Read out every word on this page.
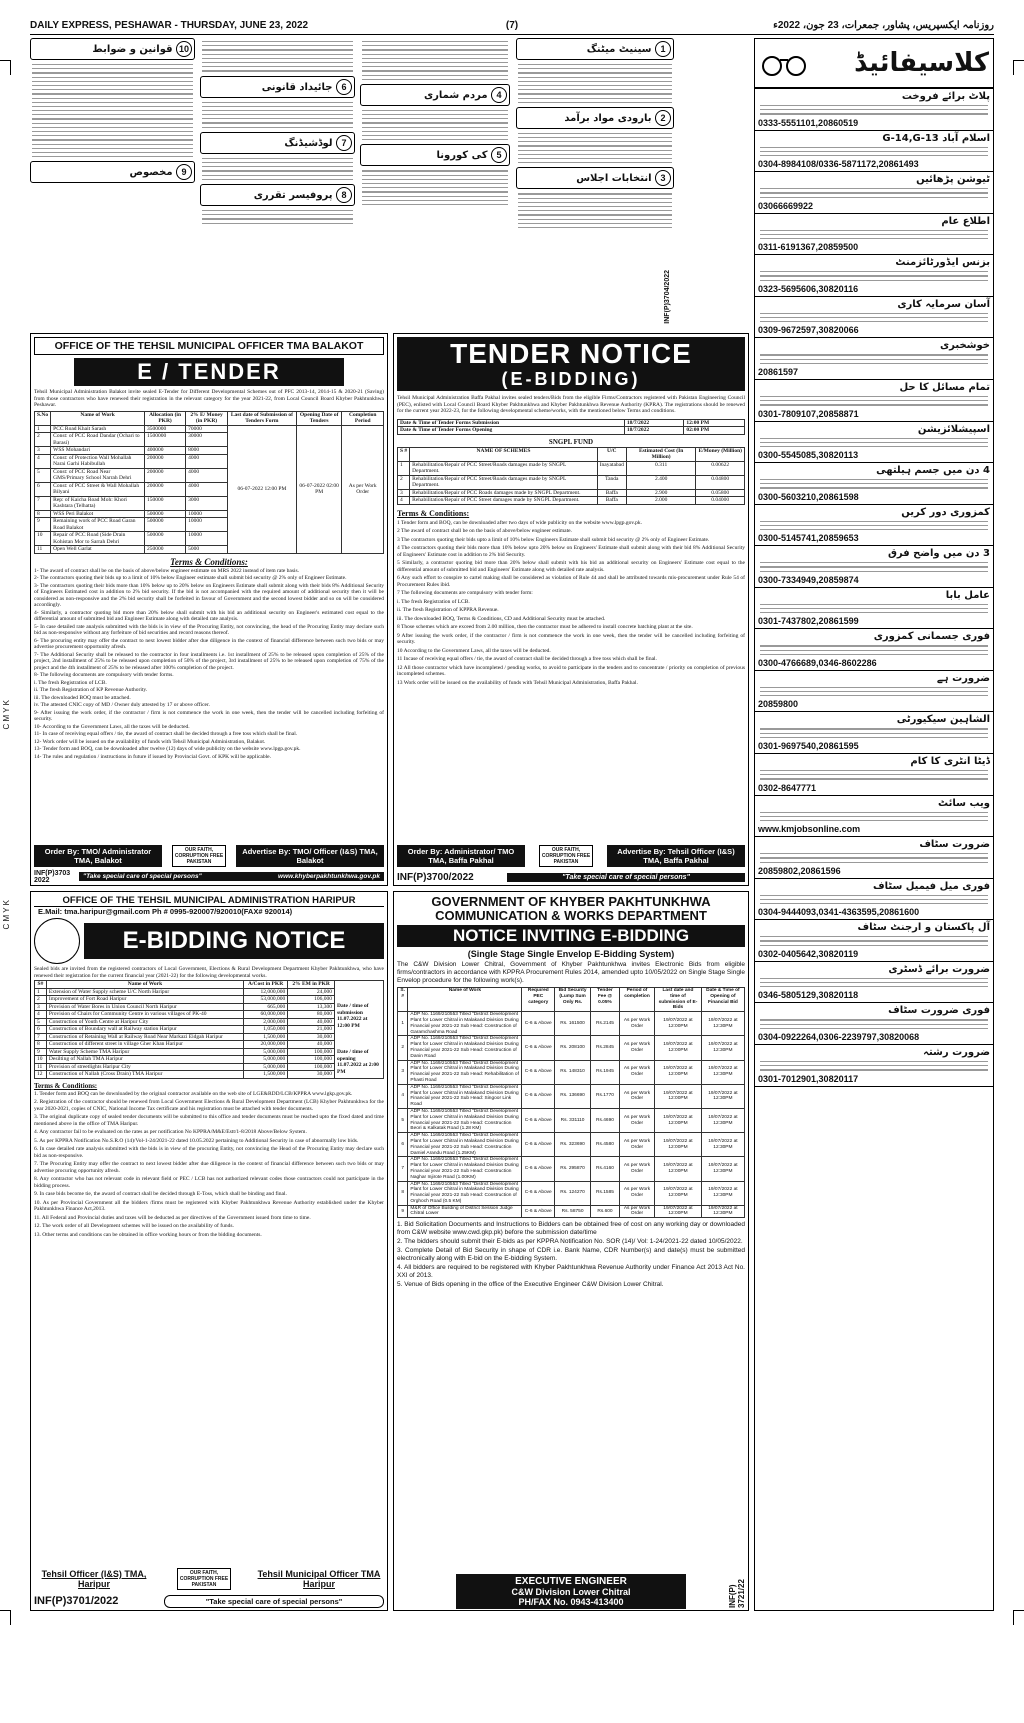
DAILY EXPRESS, PESHAWAR - THURSDAY, JUNE 23, 2022	(7)	روزنامہ ایکسپریس، پشاور، جمعرات، 23 جون، 2022ء
C M Y K
C M Y K
1 سینیٹ میٹنگ
2 بارودی مواد برآمد
3 انتخابات اجلاس
4 مردم شماری
5 کی کورونا
6 جائیداد قانونی
7 لوڈشیڈنگ
8 پروفیسر تقرری
10 قوانین و ضوابط
9 مخصوص
INF(P)3704/2022
OFFICE OF THE TEHSIL MUNICIPAL OFFICER TMA BALAKOT
E / TENDER
Tehsil Municipal Administration Balakot invite sealed E-Tender for Different Developmental Schemes out of PFC 2013-14, 2014-15 & 2020-21 (Saving) from those contractors who have renewed their registration in the relevant category for the year 2021-22, from Local Council Board Khyber Pakhtunkhwa Peshawar.
S.No	Name of Work	Allocation (in PKR)	2% E/ Money (in PKR)	Last date of Submission of Tenders Form	Opening Date of Tenders	Completion Period
1	PCC Road Khait Sarash	3500000	70000	06-07-2022 12:00 PM	06-07-2022 02:00 PM	As per Work Order
2	Const: of PCC Road Dandar (Ochari to Barasi)	1500000	30000			
3	WSS Mohandari	400000	8000			
4	Const: of Protection Wall Mohallah Narai Garhi Habibullah	200000	4000			
5	Const: of PCC Road Near GMS/Primary School Narrah Dehri	200000	4000			
6	Const: of PCC Street & Wall Mohallah Bilyani	200000	4000			
7	Rep: of Kaicha Road Moh: Khori Kashtara (Telhatta)	150000	3000			
8	WSS Peri Balakot	500000	10000			
9	Remaining work of PCC Road Garan Road Balakot	500000	10000			
10	Repair of PCC Road (Side Drain Kohistan Mor to Sarrah Dehri	500000	10000			
11	Open Well Garlat	250000	5000			
Terms & Conditions:

1- The award of contract shall be on the basis of above/below engineer estimate on MRS 2022 instead of item rate basis.

2- The contractors quoting their bids up to a limit of 10% below Engineer estimate shall submit bid security @ 2% only of Engineer Estimate.

3- The contractors quoting their bids more than 10% below up to 20% below on Engineers Estimate shall submit along with their bids 8% Additional Security of Engineers Estimated cost in addition to 2% bid security. If the bid is not accompanied with the required amount of additional security then it will be considered as non-responsive and the 2% bid security shall be forfeited in favour of Government and the second lowest bidder and so on will be considered accordingly.

4- Similarly, a contractor quoting bid more than 20% below shall submit with his bid an additional security on Engineer's estimated cost equal to the differential amount of submitted bid and Engineer Estimate along with detailed rate analysis.

5- In case detailed rate analysis submitted with the bids is in view of the Procuring Entity, not convincing, the head of the Procuring Entity may declare such bid as non-responsive without any forfeiture of bid securities and record reasons thereof.

6- The procuring entity may offer the contract to next lowest bidder after due diligence in the context of financial difference between such two bids or may advertise procurement opportunity afresh.

7- The Additional Security shall be released to the contractor in four installments i.e. 1st installment of 25% to be released upon completion of 25% of the project, 2nd installment of 25% to be released upon completion of 50% of the project, 3rd installment of 25% to be released upon completion of 75% of the project and the 4th installment of 25% to be released after 100% completion of the project.

8- The following documents are compulsory with tender forms.

i. The fresh Registration of LCB.

ii. The fresh Registration of KP Revenue Authority.

iii. The downloaded BOQ must be attached.

iv. The attested CNIC copy of MD / Owner duly attested by 17 or above officer.

9- After issuing the work order, if the contractor / firm is not commence the work in one week, then the tender will be cancelled including forfeiting of security.

10- According to the Government Laws, all the taxes will be deducted.

11- In case of receiving equal offers / tie, the award of contract shall be decided through a free toss which shall be final.

12- Work order will be issued on the availability of funds with Tehsil Municipal Administration, Balakot.

13- Tender form and BOQ, can be downloaded after twelve (12) days of wide publicity on the website www.lpgp.gov.pk.

14- The rules and regulation / instructions in future if issued by Provincial Govt. of KPK will be applicable.

Order By: TMO/ Administrator TMA, Balakot
OUR FAITH, CORRUPTION FREE PAKISTAN
Advertise By: TMO/ Officer (I&S) TMA, Balakot
INF(P)3703 2022	"Take special care of special persons"	www.khyberpakhtunkhwa.gov.pk
TENDER NOTICE
(E-BIDDING)
Tehsil Municipal Administration Baffa Pakhal invites sealed tenders/Bids from the eligible Firms/Contractors registered with Pakistan Engineering Council (PEC), enlisted with Local Council Board Khyber Pakhtunkhwa and Khyber Pakhtunkhwa Revenue Authority (KPRA). The registrations should be renewed for the current year 2022-23, for the following developmental scheme/works, with the mentioned below Terms and conditions.
Date & Time of Tender Forms Submission	18/7/2022	12:00 PM
Date & Time of Tender Forms Opening	18/7/2022	02:00 PM
SNGPL FUND
S #	NAME OF SCHEMES	U/C	Estimated Cost (In Million)	E/Money (Million)
1	Rehabilitation/Repair of PCC Street/Roads damages made by SNGPL Department.	Inayatabad	0.311	0.00622
2	Rehabilitation/Repair of PCC Street/Roads damages made by SNGPL Department.	Tanda	2.400	0.04800
3	Rehabilitation/Repair of PCC Roads damages made by SNGPL Department.	Baffa	2.900	0.05800
4	Rehabilitation/Repair of PCC Street damages made by SNGPL Department.	Baffa	2.000	0.04000
Terms & Conditions:

1 Tender form and BOQ, can be downloaded after two days of wide publicity on the website www.lpgp.gov.pk.

2 The award of contract shall be on the basis of above/below engineer estimate.

3 The contractors quoting their bids upto a limit of 10% below Engineers Estimate shall submit bid security @ 2% only of Engineer Estimate.

4 The contractors quoting their bids more than 10% below upto 20% below on Engineers' Estimate shall submit along with their bid 8% Additional Security of Engineers' Estimate cost in addition to 2% bid Security.

5 Similarly, a contractor quoting bid more than 20% below shall submit with his bid an additional security on Engineers' Estimate cost equal to the differential amount of submitted bid and Engineers' Estimate along with detailed rate analysis.

6 Any such effort to conspire to cartel making shall be considered as violation of Rule 44 and shall be attributed towards mis-procurement under Rule 54 of Procurement Rules ibid.

7 The following documents are compulsory with tender form:

i. The fresh Registration of LCB.

ii. The fresh Registration of KPPRA Revenue.

iii. The downloaded BOQ, Terms & Conditions, CD and Additional Security must be attached.

8 Those schemes which are exceed from 2.00 million, then the contractor must be adhered to install concrete batching plant at the site.

9 After issuing the work order, if the contractor / firm is not commence the work in one week, then the tender will be cancelled including forfeiting of security.

10 According to the Government Laws, all the taxes will be deducted.

11 Incase of receiving equal offers / tie, the award of contract shall be decided through a free toss which shall be final.

12 All those contractor which have incompleted / pending works, to avoid to participate in the tenders and to concentrate / priority on completion of previous incompleted schemes.

13 Work order will be issued on the availability of funds with Tehsil Municipal Administration, Baffa Pakhal.

Order By: Administrator/ TMO TMA, Baffa Pakhal
OUR FAITH, CORRUPTION FREE PAKISTAN
Advertise By: Tehsil Officer (I&S) TMA, Baffa Pakhal
INF(P)3700/2022	"Take special care of special persons"
OFFICE OF THE TEHSIL MUNICIPAL ADMINISTRATION HARIPUR
E.Mail: tma.haripur@gmail.com Ph # 0995-920007/920010(FAX# 920014)
E-BIDDING NOTICE
Sealed bids are invited from the registered contractors of Local Government, Elections & Rural Development Department Khyber Pakhtunkhwa, who have renewed their registration for the current financial year (2021-22) for the following developmental works.
S#	Name of Work	A/Cost in PKR	2% EM in PKR
1	Extension of Water Supply scheme U/C North Haripur	12,000,000	24,000
2	Improvement of Fort Road Haripur	53,000,000	106,000
3	Provision of Water Bores in Union Council North Haripur	665,000	13,300
4	Provision of Chairs for Community Centre in various villages of PK-40	60,000,000	80,000
5	Construction of Youth Centre at Haripur City	2,000,000	40,000
6	Construction of Boundary wall at Railway station Haripur	1,050,000	21,000
7	Construction of Retaining Wall at Railway Road Near Markazi Eidgah Haripur	1,500,000	30,000
8	Construction of different street in village Gher Khan Haripur	20,000,000	40,000
9	Water Supply Scheme TMA Haripur	5,000,000	100,000
10	Desilting of Nallah TMA Haripur	5,000,000	100,000
11	Provision of streetlights Haripur City	5,000,000	100,000
12	Construction of Nallah (Cross Drain) TMA Haripur	1,500,000	30,000
Date / time of submission 11.07.2022 at 12:00 PM
Date / time of opening 11.07.2022 at 2:00 PM
Terms & Conditions:

1. Tender form and BOQ can be downloaded by the original contractor available on the web site of LGE&RDD/LCB/KPPRA www.lgkp.gov.pk.

2. Registration of the contractor should be renewed from Local Government Elections & Rural Development Department (LCB) Khyber Pakhtunkhwa for the year 2020-2021, copies of CNIC, National Income Tax certificate and his registration must be attached with tender documents.

3. The original duplicate copy of sealed tender documents will be submitted to this office and tender documents must be reached upto the fixed dated and time mentioned above in the office of TMA Haripur.

4. Any contractor fail to be evaluated on the rates as per notification No KPPRA/M&E/Estt/1-8/2018 Above/Below System.

5. As per KPPRA Notification No.S.R.O (14)/Vol-1-24/2021-22 dated 10.05.2022 pertaining to Additional Security in case of abnormally low bids.

6. In case detailed rate analysis submitted with the bids is in view of the procuring Entity, not convincing the Head of the Procuring Entity may declare such bid as non-responsive.

7. The Procuring Entity may offer the contract to next lowest bidder after due diligence in the context of financial difference between such two bids or may advertise procuring opportunity afresh.

8. Any contractor who has not relevant code in relevant field or PEC / LCB has not authorized relevant codes those contractors could not participate in the bidding process.

9. In case bids become tie, the award of contract shall be decided through E-Toss, which shall be binding and final.

10. As per Provincial Government all the bidders /firms must be registered with Khyber Pakhtunkhwa Revenue Authority established under the Khyber Pakhtunkhwa Finance Act,2013.

11. All Federal and Provincial duties and taxes will be deducted as per directives of the Government issued from time to time.

12. The work order of all Development schemes will be issued on the availability of funds.

13. Other terms and conditions can be obtained in office working hours or from the bidding documents.

Tehsil Officer (I&S) TMA, Haripur
OUR FAITH, CORRUPTION FREE PAKISTAN
Tehsil Municipal Officer TMA Haripur
INF(P)3701/2022	"Take special care of special persons"
GOVERNMENT OF KHYBER PAKHTUNKHWA
COMMUNICATION & WORKS DEPARTMENT
NOTICE INVITING E-BIDDING
(Single Stage Single Envelop E-Bidding System)
The C&W Division Lower Chitral, Government of Khyber Pakhtunkhwa invites Electronic Bids from eligible firms/contractors in accordance with KPPRA Procurement Rules 2014, amended upto 10/05/2022 on Single Stage Single Envelop procedure for the following work(s).
S. #	Name of Work	Required PEC category	Bid Security (Lump Sum Only Rs.	Tender Fee @ 0.05%	Period of completion	Last date and time of submission of E-Bids	Date & Time of Opening of Financial Bid
1	ADP No. 1169/210553 Titled "District Development Plant for Lower Chitral in Malakand Division During Financial year 2021-22 Sub Head: Construction of Garamchashma Road	C-6 & Above	Rs. 161500	Rs.2145	As per Work Order	19/07/2022 at 12:00PM	19/07/2022 at 12:30PM
2	ADP No. 1169/210553 Titled "District Development Plant for Lower Chitral in Malakand Division During Financial year 2021-22 Sub Head: Construction of Danin Road	C-6 & Above	Rs. 208100	Rs.2845	As per Work Order	19/07/2022 at 12:00PM	19/07/2022 at 12:30PM
3	ADP No. 1169/210553 Titled "District Development Plant for Lower Chitral in Malakand Division During Financial year 2021-22 Sub Head: Rehabilitation of Phasti Road	C-6 & Above	Rs. 148310	Rs.1945	As per Work Order	19/07/2022 at 12:00PM	19/07/2022 at 12:30PM
4	ADP No. 1169/210553 Titled "District Development Plant for Lower Chitral in Malakand Division During Financial year 2021-22 Sub Head: Singoor Link Road	C-6 & Above	Rs. 136690	Rs.1770	As per Work Order	19/07/2022 at 12:00PM	19/07/2022 at 12:30PM
5	ADP No. 1169/210553 Titled "District Development Plant for Lower Chitral in Malakand Division During Financial year 2021-22 Sub Head: Construction Beori & Kalkatak Road (1.28 KM)	C-6 & Above	Rs. 331110	Rs.4690	As per Work Order	19/07/2022 at 12:00PM	19/07/2022 at 12:30PM
6	ADP No. 1169/210553 Titled "District Development Plant for Lower Chitral in Malakand Division During Financial year 2021-22 Sub Head: Construction Damiel Arandu Road (1.25KM)	C-6 & Above	Rs. 323690	Rs.4580	As per Work Order	19/07/2022 at 12:00PM	19/07/2022 at 12:30PM
7	ADP No. 1169/210553 Titled "District Development Plant for Lower Chitral in Malakand Division During Financial year 2021-22 Sub Head: Construction Naghar Injirote Road (1.00KM)	C-6 & Above	Rs. 295870	Rs.4160	As per Work Order	19/07/2022 at 12:00PM	19/07/2022 at 12:30PM
8	ADP No. 1169/210553 Titled "District Development Plant for Lower Chitral in Malakand Division During Financial year 2021-22 Sub Head: Construction of Orghoch Road (0.5 KM)	C-6 & Above	Rs. 124270	Rs.1585	As per Work Order	19/07/2022 at 12:00PM	19/07/2022 at 12:30PM
9	M&R of Office Building of District Session Judge Chitral Lower	C-6 & Above	Rs. 58750	Rs.600	As per Work Order	19/07/2022 at 12:00PM	19/07/2022 at 12:30PM
1. Bid Solicitation Documents and Instructions to Bidders can be obtained free of cost on any working day or downloaded from C&W website www.cwd.gkp.pk) before the submission date/time
2. The bidders should submit their E-bids as per KPPRA Notification No. SOR (14)/ Vol: 1-24/2021-22 dated 10/05/2022.
3. Complete Detail of Bid Security in shape of CDR i.e. Bank Name, CDR Number(s) and date(s) must be submitted electronically along with E-bid on the E-bidding System.
4. All bidders are required to be registered with Khyber Pakhtunkhwa Revenue Authority under Finance Act 2013 Act No. XXI of 2013.
5. Venue of Bids opening in the office of the Executive Engineer C&W Division Lower Chitral.
EXECUTIVE ENGINEER
C&W Division Lower Chitral
PH/FAX No. 0943-413400	INF(P) 3721/22
کلاسیفائیڈ
پلاٹ برائے فروخت
0333-5551101,20860519
اسلام آباد G-14,G-13
0304-8984108/0336-5871172,20861493
ٹیوشن پڑھائیں
03066669922
اطلاع عام
0311-6191367,20859500
بزنس ایڈورٹائزمنٹ
0323-5695606,30820116
آسان سرمایہ کاری
0309-9672597,30820066
خوشخبری
20861597
تمام مسائل کا حل
0301-7809107,20858871
اسپیشلائزیشن
0300-5545085,30820113
4 دن میں جسم ہیلتھی
0300-5603210,20861598
کمزوری دور کریں
0300-5145741,20859653
3 دن میں واضح فرق
0300-7334949,20859874
عامل بابا
0301-7437802,20861599
فوری جسمانی کمزوری
0300-4766689,0346-8602286
ضرورت ہے
20859800
الشاہین سیکیورٹی
0301-9697540,20861595
ڈیٹا انٹری کا کام
0302-8647771
ویب سائٹ
www.kmjobsonline.com
ضرورت سٹاف
20859802,20861596
فوری میل فیمیل سٹاف
0304-9444093,0341-4363595,20861600
آل پاکستان و ارجنٹ سٹاف
0302-0405642,30820119
ضرورت برائے ڈسٹری
0346-5805129,30820118
فوری ضرورت سٹاف
0304-0922264,0306-2239797,30820068
ضرورت رشتہ
0301-7012901,30820117
